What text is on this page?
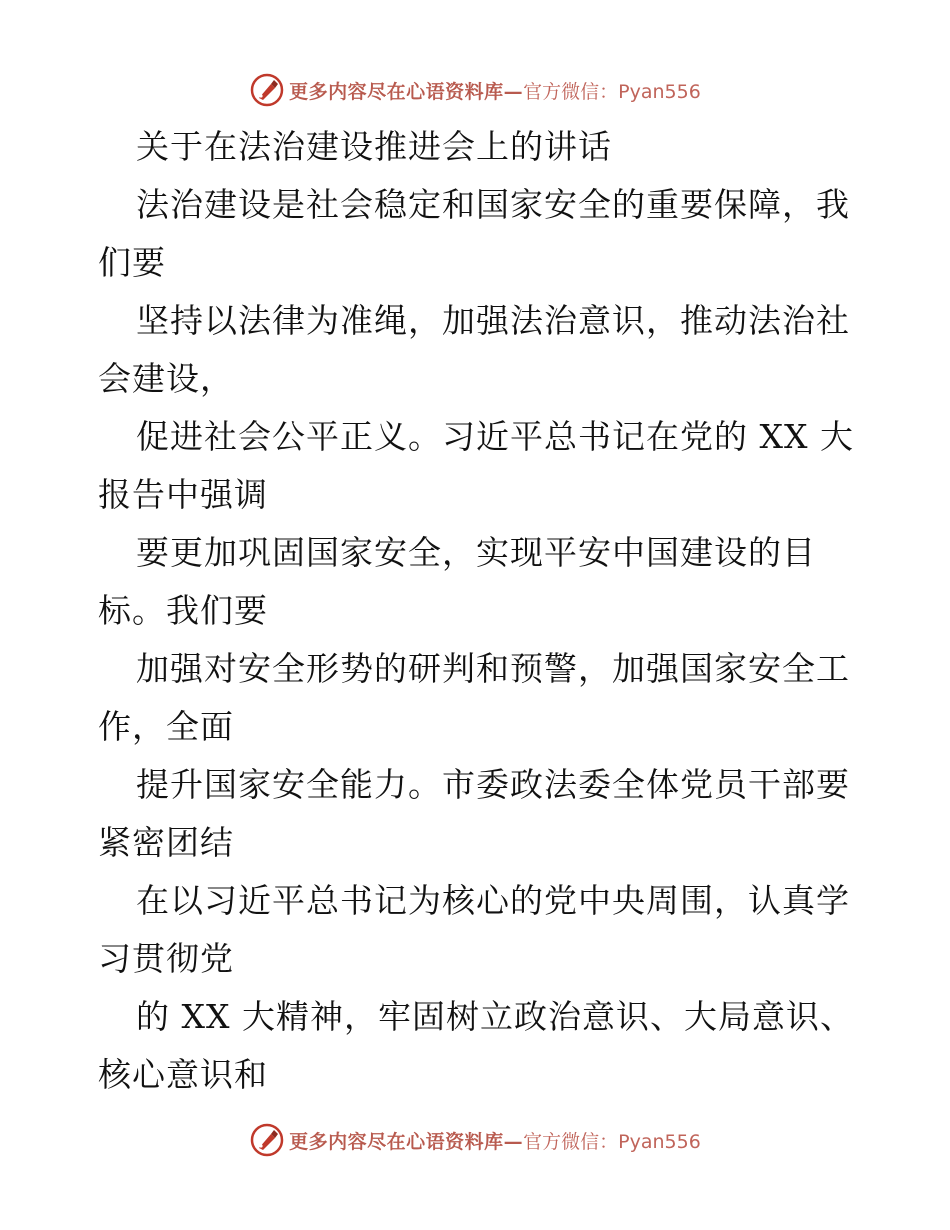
更多内容尽在心语资料库— 官方微信：Pyan556

关于在法治建设推进会上的讲话

法治建设是社会稳定和国家安全的重要保障，我

们要

坚持以法律为准绳，加强法治意识，推动法治社

会建设，

促进社会公平正义。习近平总书记在党的 XX 大

报告中强调

要更加巩固国家安全，实现平安中国建设的目

标。我们要

加强对安全形势的研判和预警，加强国家安全工

作，全面

提升国家安全能力。市委政法委全体党员干部要

紧密团结

在以习近平总书记为核心的党中央周围，认真学

习贯彻党

的 XX 大精神，牢固树立政治意识、大局意识、

核心意识和

更多内容尽在心语资料库— 官方微信：Pyan556
